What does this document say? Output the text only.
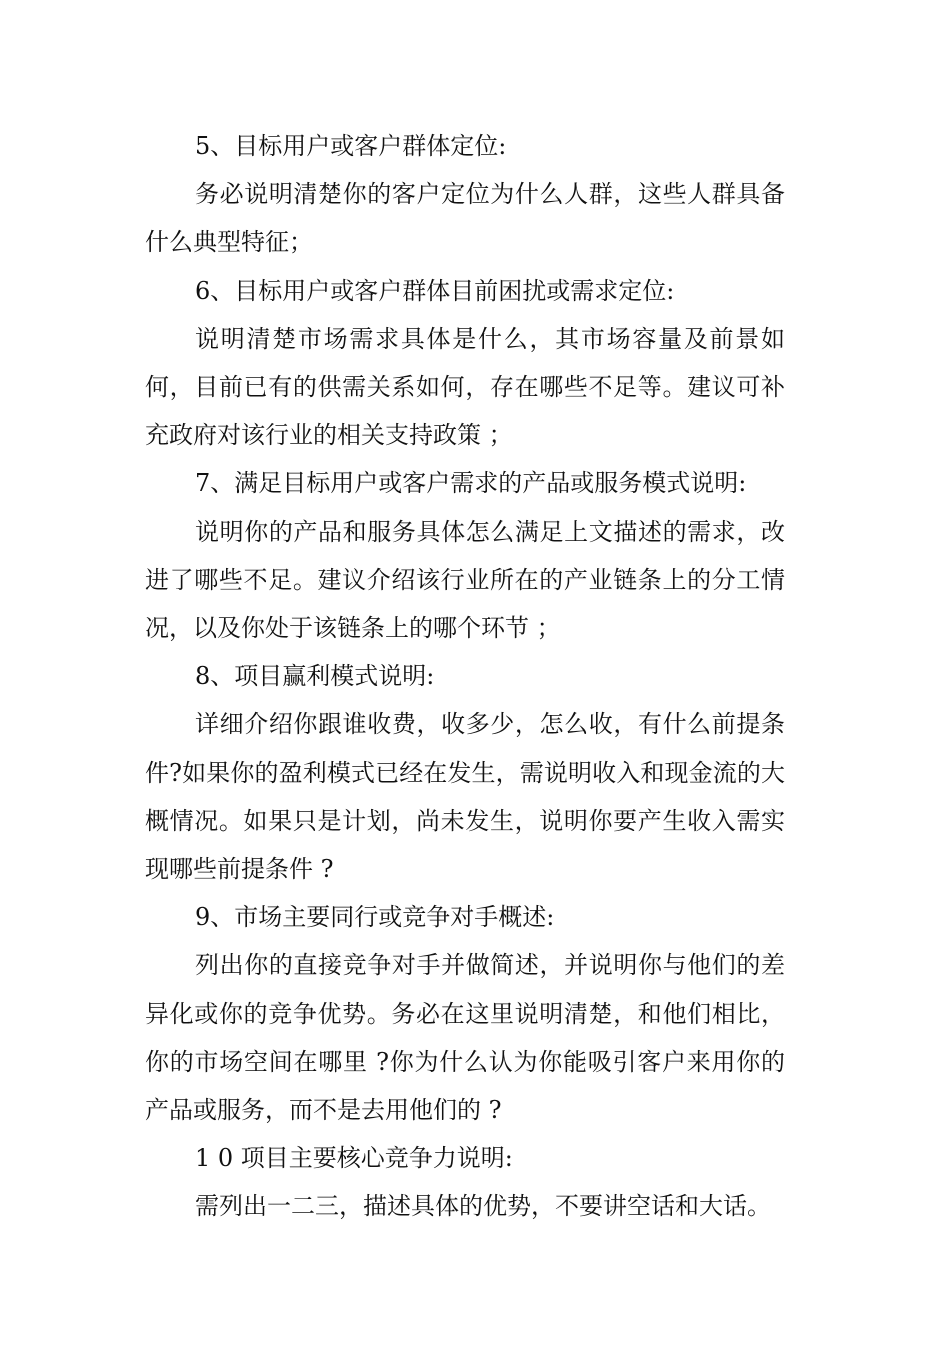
5、目标用户或客户群体定位:

务必说明清楚你的客户定位为什么人群，这些人群具备什么典型特征；

6、目标用户或客户群体目前困扰或需求定位:

说明清楚市场需求具体是什么，其市场容量及前景如何，目前已有的供需关系如何，存在哪些不足等。建议可补充政府对该行业的相关支持政策 ；

7、满足目标用户或客户需求的产品或服务模式说明:

说明你的产品和服务具体怎么满足上文描述的需求，改进了哪些不足。建议介绍该行业所在的产业链条上的分工情况，以及你处于该链条上的哪个环节 ；

8、项目赢利模式说明:

详细介绍你跟谁收费，收多少，怎么收，有什么前提条件?如果你的盈利模式已经在发生，需说明收入和现金流的大概情况。如果只是计划，尚未发生，说明你要产生收入需实现哪些前提条件 ?

9、市场主要同行或竞争对手概述:

列出你的直接竞争对手并做简述，并说明你与他们的差异化或你的竞争优势。务必在这里说明清楚，和他们相比，你的市场空间在哪里 ?你为什么认为你能吸引客户来用你的产品或服务，而不是去用他们的 ?

1 0 项目主要核心竞争力说明:

需列出一二三，描述具体的优势，不要讲空话和大话。
